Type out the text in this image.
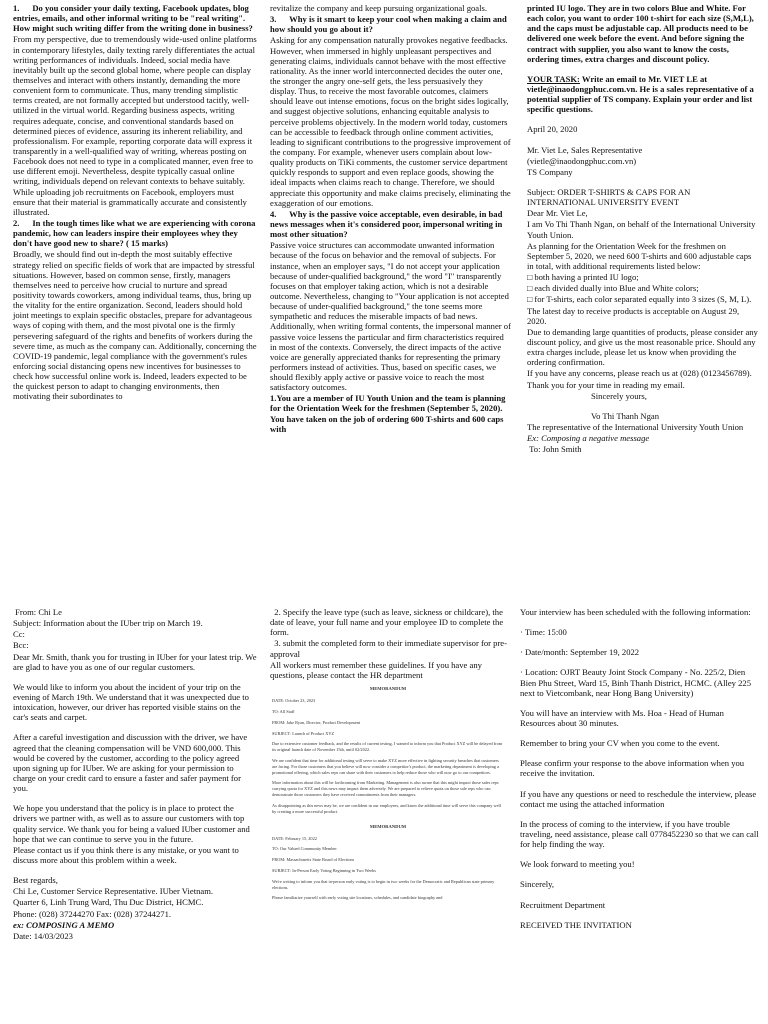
1.      Do you consider your daily texting, Facebook updates, blog entries, emails, and other informal writing to be "real writing". How might such writing differ from the writing done in business?

From my perspective, due to tremendously wide-used online platforms in contemporary lifestyles, daily texting rarely differentiates the actual writing performances of individuals. Indeed, social media have inevitably built up the second global home, where people can display themselves and interact with others instantly, demanding the more convenient form to communicate. Thus, many trending simplistic terms created, are not formally accepted but understood tacitly, well-utilized in the virtual world. Regarding business aspects, writing requires adequate, concise, and conventional standards based on determined pieces of evidence, assuring its inherent reliability, and professionalism. For example, reporting corporate data will express it transparently in a well-qualified way of writing, whereas posting on Facebook does not need to type in a complicated manner, even free to use different emoji. Nevertheless, despite typically casual online writing, individuals depend on relevant contexts to behave suitably. While uploading job recruitments on Facebook, employers must ensure that their material is grammatically accurate and consistently illustrated.

2.      In the tough times like what we are experiencing with corona pandemic, how can leaders inspire their employees whey they don't have good new to share? ( 15 marks)

Broadly, we should find out in-depth the most suitably effective strategy relied on specific fields of work that are impacted by stressful situations. However, based on common sense, firstly, managers themselves need to perceive how crucial to nurture and spread positivity towards coworkers, among individual teams, thus, bring up the vitality for the entire organization. Second, leaders should hold joint meetings to explain specific obstacles, prepare for advantageous ways of coping with them, and the most pivotal one is the firmly persevering safeguard of the rights and benefits of workers during the severe time, as much as the company can. Additionally, concerning the COVID-19 pandemic, legal compliance with the government's rules enforcing social distancing opens new incentives for businesses to check how successful online work is. Indeed, leaders expected to be the quickest person to adapt to changing environments, then motivating their subordinates to

revitalize the company and keep pursuing organizational goals.

3.      Why is it smart to keep your cool when making a claim and how should you go about it?

Asking for any compensation naturally provokes negative feedbacks. However, when immersed in highly unpleasant perspectives and generating claims, individuals cannot behave with the most effective rationality. As the inner world interconnected decides the outer one, the stronger the angry one-self gets, the less persuasively they display. Thus, to receive the most favorable outcomes, claimers should leave out intense emotions, focus on the bright sides logically, and suggest objective solutions, enhancing equitable analysis to perceive problems objectively. In the modern world today, customers can be accessible to feedback through online comment activities, leading to significant contributions to the progressive improvement of the company. For example, whenever users complain about low-quality products on TiKi comments, the customer service department quickly responds to support and even replace goods, showing the ideal impacts when claims reach to change. Therefore, we should appreciate this opportunity and make claims precisely, eliminating the exaggeration of our emotions.

4.      Why is the passive voice acceptable, even desirable, in bad news messages when it's considered poor, impersonal writing in most other situation?

Passive voice structures can accommodate unwanted information because of the focus on behavior and the removal of subjects. For instance, when an employer says, "I do not accept your application because of under-qualified background," the word "I" transparently focuses on that employer taking action, which is not a desirable outcome. Nevertheless, changing to "Your application is not accepted because of under-qualified background," the tone seems more sympathetic and reduces the miserable impacts of bad news. Additionally, when writing formal contents, the impersonal manner of passive voice lessens the particular and firm characteristics required in most of the contexts. Conversely, the direct impacts of the active voice are generally appreciated thanks for representing the primary performers instead of activities. Thus, based on specific cases, we should flexibly apply active or passive voice to reach the most satisfactory outcomes.

1.You are a member of IU Youth Union and the team is planning for the Orientation Week for the freshmen (September 5, 2020). You have taken on the job of ordering 600 T-shirts and 600 caps with

printed IU logo. They are in two colors Blue and White. For each color, you want to order 100 t-shirt for each size (S,M,L), and the caps must be adjustable cap. All products need to be delivered one week before the event. And before signing the contract with supplier, you also want to know the costs, ordering times, extra charges and discount policy.

YOUR TASK: Write an email to Mr. VIET LE at vietle@inaodongphuc.com.vn. He is a sales representative of a potential supplier of TS company. Explain your order and list specific questions.

April 20, 2020

Mr. Viet Le, Sales Representative

(vietle@inaodongphuc.com.vn)

TS Company

Subject: ORDER T-SHIRTS & CAPS FOR AN INTERNATIONAL UNIVERSITY EVENT

Dear Mr. Viet Le,

I am Vo Thi Thanh Ngan, on behalf of the International University Youth Union.

As planning for the Orientation Week for the freshmen on September 5, 2020, we need 600 T-shirts and 600 adjustable caps in total, with additional requirements listed below:

□ both having a printed IU logo;

□ each divided dually into Blue and White colors;

□ for T-shirts, each color separated equally into 3 sizes (S, M, L).

The latest day to receive products is acceptable on August 29, 2020.

Due to demanding large quantities of products, please consider any discount policy, and give us the most reasonable price. Should any extra charges include, please let us know when providing the ordering confirmation.

If you have any concerns, please reach us at (028) (0123456789).

Thank you for your time in reading my email.

Sincerely yours,

Vo Thi Thanh Ngan

The representative of the International University Youth Union

Ex: Composing a negative message

To: John Smith

From: Chi Le

Subject: Information about the IUber trip on March 19.

Cc:

Bcc:

Dear Mr. Smith, thank you for trusting in IUber for your latest trip. We are glad to have you as one of our regular customers.

We would like to inform you about the incident of your trip on the evening of March 19th. We understand that it was unexpected due to intoxication, however, our driver has reported visible stains on the car's seats and carpet.

After a careful investigation and discussion with the driver, we have agreed that the cleaning compensation will be VND 600,000. This would be covered by the customer, according to the policy agreed upon signing up for IUber. We are asking for your permission to charge on your credit card to ensure a faster and safer payment for you.

We hope you understand that the policy is in place to protect the drivers we partner with, as well as to assure our customers with top quality service. We thank you for being a valued IUber customer and hope that we can continue to serve you in the future.

Please contact us if you think there is any mistake, or you want to discuss more about this problem within a week.

Best regards,

Chi Le, Customer Service Representative. IUber Vietnam.

Quarter 6, Linh Trung Ward, Thu Duc District, HCMC.

Phone: (028) 37244270 Fax: (028) 37244271.

ex: COMPOSING A MEMO

Date: 14/03/2023

2. Specify the leave type (such as leave, sickness or childcare), the date of leave, your full name and your employee ID to complete the form.

3. submit the completed form to their immediate supervisor for pre-approval

All workers must remember these guidelines. If you have any questions, please contact the HR department

Your interview has been scheduled with the following information:

· Time: 15:00

· Date/month: September 19, 2022

· Location: OJRT Beauty Joint Stock Company - No. 225/2, Dien Bien Phu Street, Ward 15, Binh Thanh District, HCMC. (Alley 225 next to Vietcombank, near Hong Bang University)

You will have an interview with Ms. Hoa - Head of Human Resources about 30 minutes.

Remember to bring your CV when you come to the event.

Please confirm your response to the above information when you receive the invitation.

If you have any questions or need to reschedule the interview, please contact me using the attached information

In the process of coming to the interview, if you have trouble traveling, need assistance, please call 0778452230 so that we can call for help finding the way.

We look forward to meeting you!

Sincerely,

Recruitment Department

RECEIVED THE INVITATION

MEMORANDUM
DATE: October 23, 2023
TO: All Staff
FROM: Jake Ryan, Director, Product Development
SUBJECT: Launch of Product XYZ
Due to extensive customer feedback, and the results of current testing, I wanted to inform you that Product XYZ will be delayed from its original launch date of November 15th, until 02/2022.
We are confident that time for additional testing will serve to make XYZ more effective in fighting security breaches that customers are facing. For those customers that you believe will now consider a competitor's product, the marketing department is developing a promotional offering, which sales reps can share with their customers to help reduce those who will now go to our competitors.
More information about this will be forthcoming from Marketing. Management is also aware that this might impact those sales reps carrying quota for XYZ and this news may impact them adversely. We are prepared to relieve quota on those sale reps who can demonstrate those customers they have received commitments from their managers.
As disappointing as this news may be, we are confident in our employees, and know the additional time will serve this company well by creating a more successful product.
MEMORANDUM
DATE: February 15, 2022
TO: Our Valued Community Member
FROM: Massachusetts State Board of Elections
SUBJECT: In-Person Early Voting Beginning in Two Weeks
We're writing to inform you that in-person early voting is to begin in two weeks for the Democratic and Republican state primary elections.
Please familiarize yourself with early voting site locations, schedules, and candidate biography and
